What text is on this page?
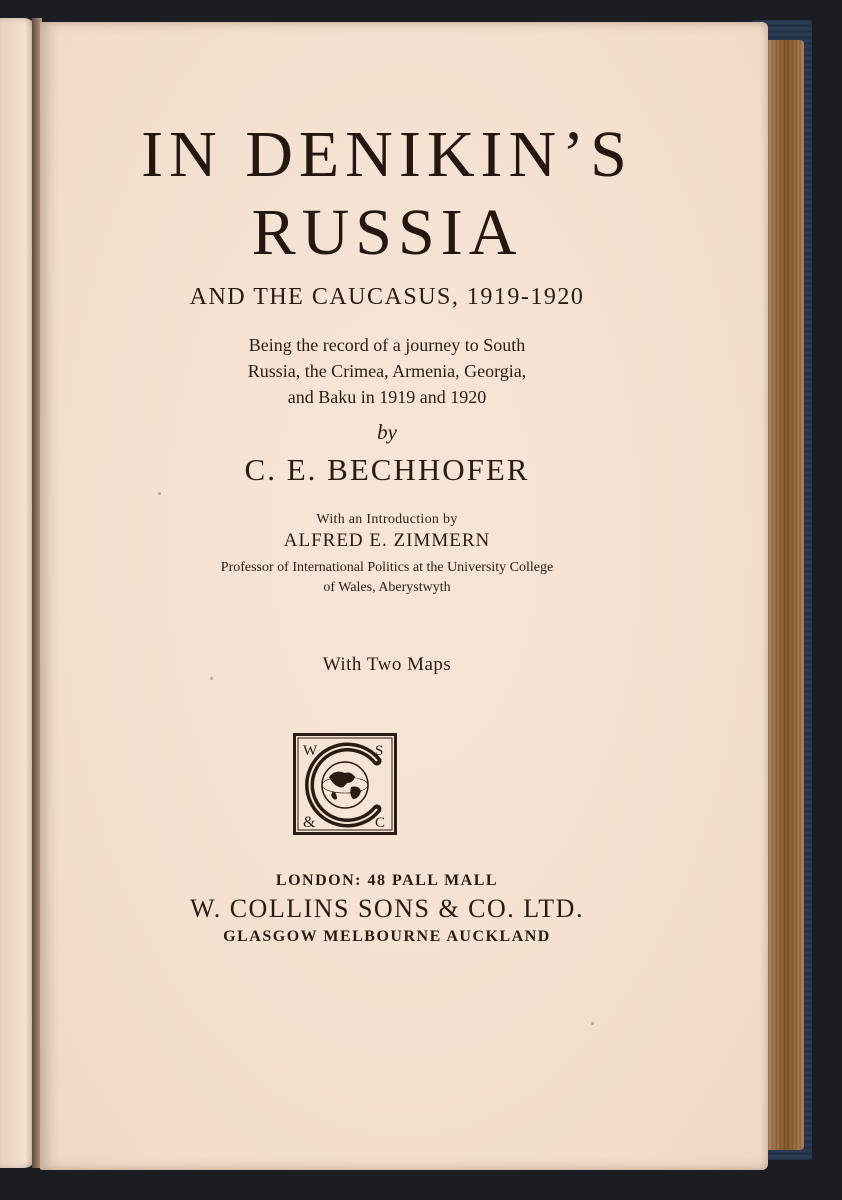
IN DENIKIN’S
RUSSIA
AND THE CAUCASUS, 1919-1920
Being the record of a journey to South
Russia, the Crimea, Armenia, Georgia,
and Baku in 1919 and 1920
by
C. E. BECHHOFER
With an Introduction by
ALFRED E. ZIMMERN
Professor of International Politics at the University College
of Wales, Aberystwyth
With Two Maps
W	S
&	C
LONDON: 48 PALL MALL
W. COLLINS SONS & CO. LTD.
GLASGOW MELBOURNE AUCKLAND
